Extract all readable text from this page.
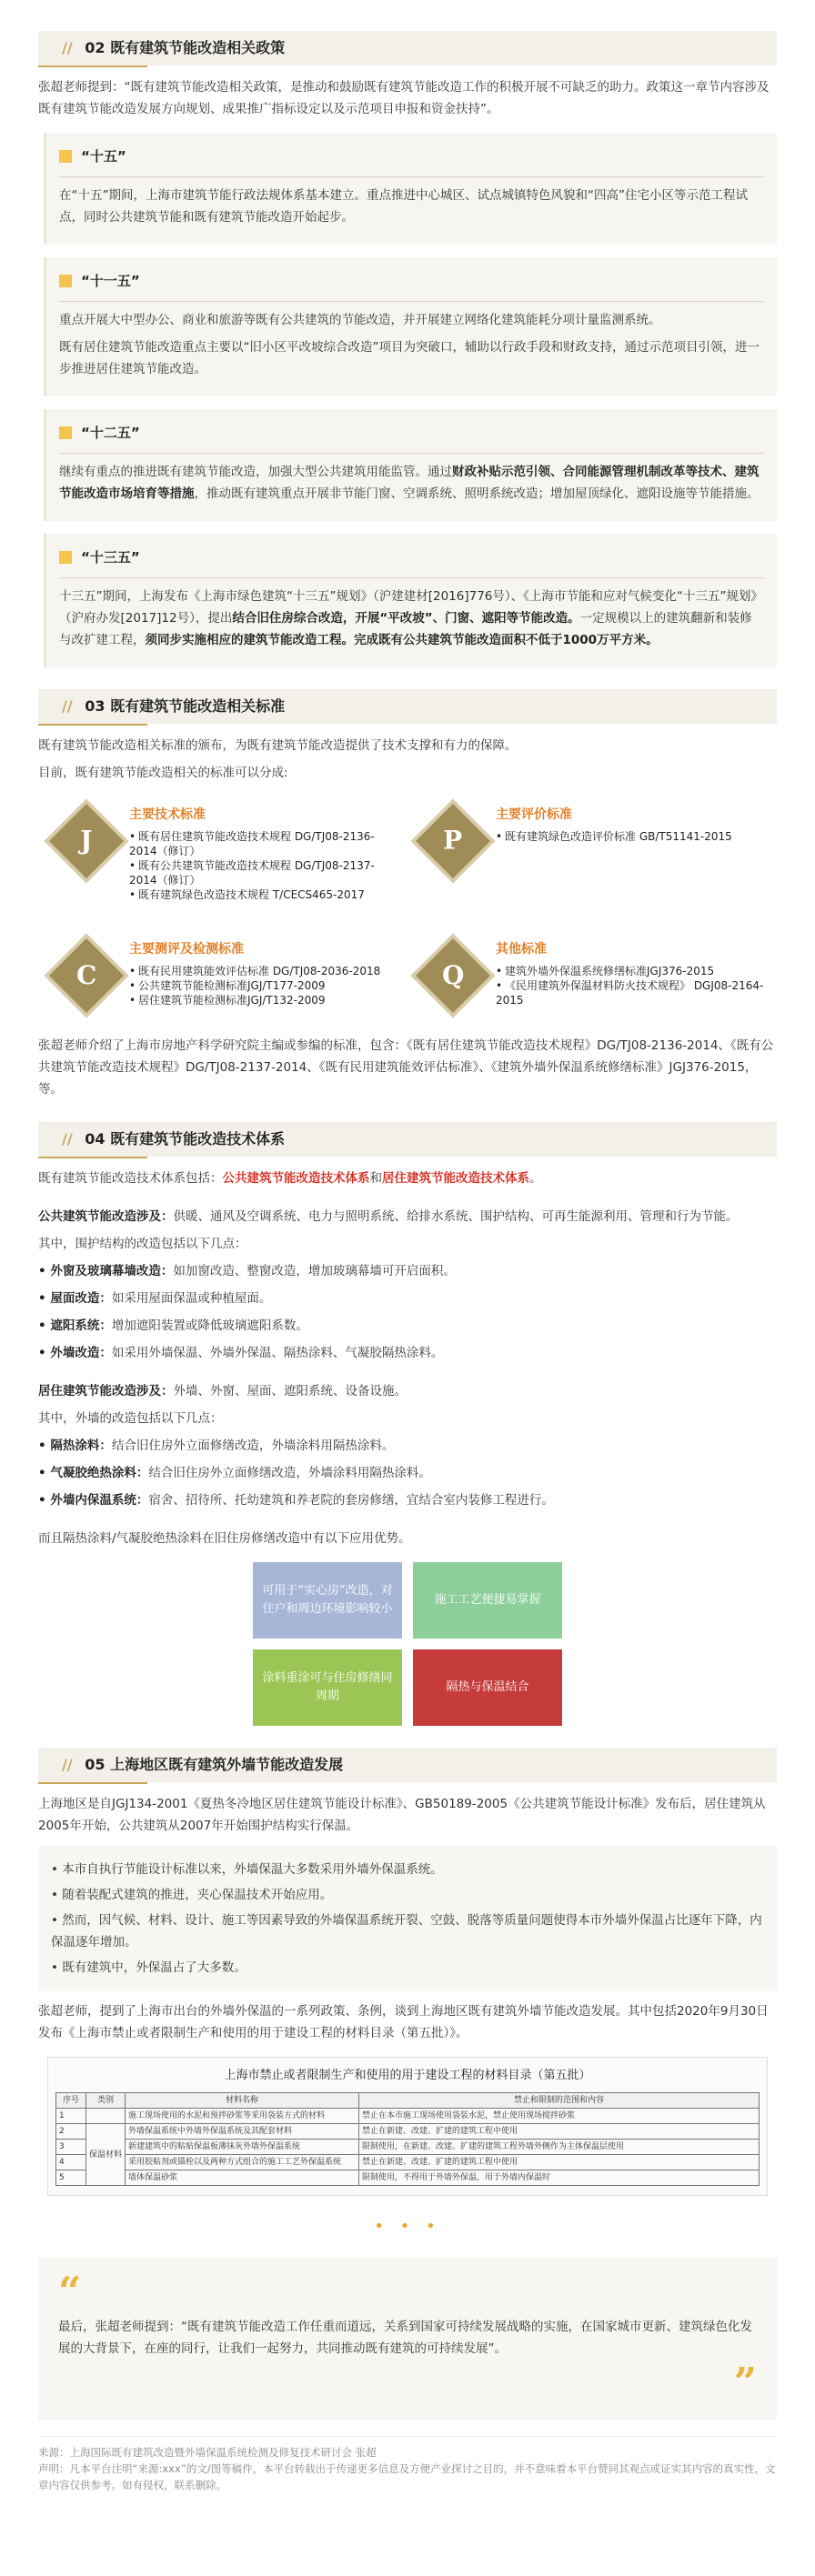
// 02 既有建筑节能改造相关政策

张超老师提到：“既有建筑节能改造相关政策，是推动和鼓励既有建筑节能改造工作的积极开展不可缺乏的助力。政策这一章节内容涉及既有建筑节能改造发展方向规划、成果推广指标设定以及示范项目申报和资金扶持”。

“十五”

在“十五”期间，上海市建筑节能行政法规体系基本建立。重点推进中心城区、试点城镇特色风貌和“四高”住宅小区等示范工程试点，同时公共建筑节能和既有建筑节能改造开始起步。

“十一五”

重点开展大中型办公、商业和旅游等既有公共建筑的节能改造，并开展建立网络化建筑能耗分项计量监测系统。

既有居住建筑节能改造重点主要以“旧小区平改坡综合改造”项目为突破口，辅助以行政手段和财政支持，通过示范项目引领，进一步推进居住建筑节能改造。

“十二五”

继续有重点的推进既有建筑节能改造，加强大型公共建筑用能监管。通过财政补贴示范引领、合同能源管理机制改革等技术、建筑节能改造市场培育等措施，推动既有建筑重点开展非节能门窗、空调系统、照明系统改造；增加屋顶绿化、遮阳设施等节能措施。

“十三五”

十三五”期间，上海发布《上海市绿色建筑“十三五”规划》（沪建建材[2016]776号）、《上海市节能和应对气候变化“十三五”规划》（沪府办发[2017]12号），提出结合旧住房综合改造，开展“平改坡”、门窗、遮阳等节能改造。一定规模以上的建筑翻新和装修与改扩建工程，须同步实施相应的建筑节能改造工程。完成既有公共建筑节能改造面积不低于1000万平方米。

// 03 既有建筑节能改造相关标准

既有建筑节能改造相关标准的颁布，为既有建筑节能改造提供了技术支撑和有力的保障。

目前，既有建筑节能改造相关的标准可以分成:

J
主要技术标准
• 既有居住建筑节能改造技术规程 DG/TJ08-2136-2014（修订）
• 既有公共建筑节能改造技术规程 DG/TJ08-2137-2014（修订）
• 既有建筑绿色改造技术规程 T/CECS465-2017
P
主要评价标准
• 既有建筑绿色改造评价标准 GB/T51141-2015
C
主要测评及检测标准
• 既有民用建筑能效评估标准 DG/TJ08-2036-2018
• 公共建筑节能检测标准JGJ/T177-2009
• 居住建筑节能检测标准JGJ/T132-2009
Q
其他标准
• 建筑外墙外保温系统修缮标准JGJ376-2015
• 《民用建筑外保温材料防火技术规程》 DGJ08-2164-2015

张超老师介绍了上海市房地产科学研究院主编或参编的标准，包含：《既有居住建筑节能改造技术规程》DG/TJ08-2136-2014、《既有公共建筑节能改造技术规程》DG/TJ08-2137-2014、《既有民用建筑能效评估标准》、《建筑外墙外保温系统修缮标准》JGJ376-2015，等。

// 04 既有建筑节能改造技术体系

既有建筑节能改造技术体系包括：公共建筑节能改造技术体系和居住建筑节能改造技术体系。

公共建筑节能改造涉及：供暖、通风及空调系统、电力与照明系统、给排水系统、围护结构、可再生能源利用、管理和行为节能。

其中，围护结构的改造包括以下几点：

• 外窗及玻璃幕墙改造：如加窗改造、整窗改造，增加玻璃幕墙可开启面积。

• 屋面改造：如采用屋面保温或种植屋面。

• 遮阳系统：增加遮阳装置或降低玻璃遮阳系数。

• 外墙改造：如采用外墙保温、外墙外保温、隔热涂料、气凝胶隔热涂料。

居住建筑节能改造涉及：外墙、外窗、屋面、遮阳系统、设备设施。

其中，外墙的改造包括以下几点：

• 隔热涂料：结合旧住房外立面修缮改造，外墙涂料用隔热涂料。

• 气凝胶绝热涂料：结合旧住房外立面修缮改造，外墙涂料用隔热涂料。

• 外墙内保温系统：宿舍、招待所、托幼建筑和养老院的套房修缮，宜结合室内装修工程进行。

而且隔热涂料/气凝胶绝热涂料在旧住房修缮改造中有以下应用优势。

可用于“实心房”改造，对住户和周边环境影响较小
施工工艺便捷易掌握
涂料重涂可与住房修缮同周期
隔热与保温结合
// 05 上海地区既有建筑外墙节能改造发展

上海地区是自JGJ134-2001《夏热冬冷地区居住建筑节能设计标准》、GB50189-2005《公共建筑节能设计标准》发布后，居住建筑从2005年开始，公共建筑从2007年开始围护结构实行保温。

• 本市自执行节能设计标准以来，外墙保温大多数采用外墙外保温系统。

• 随着装配式建筑的推进，夹心保温技术开始应用。

• 然而，因气候、材料、设计、施工等因素导致的外墙保温系统开裂、空鼓、脱落等质量问题使得本市外墙外保温占比逐年下降，内保温逐年增加。

• 既有建筑中，外保温占了大多数。

张超老师，提到了上海市出台的外墙外保温的一系列政策、条例，谈到上海地区既有建筑外墙节能改造发展。其中包括2020年9月30日发布《上海市禁止或者限制生产和使用的用于建设工程的材料目录（第五批）》。

上海市禁止或者限制生产和使用的用于建设工程的材料目录（第五批）
序号	类别	材料名称	禁止和限制的范围和内容
1		施工现场使用的水泥和预拌砂浆等采用袋装方式的材料	禁止在本市施工现场使用袋装水泥，禁止使用现场搅拌砂浆
2	保温材料	外墙保温系统中外墙外保温系统及其配套材料	禁止在新建、改建、扩建的建筑工程中使用
3		新建建筑中的粘贴保温板薄抹灰外墙外保温系统	限制使用，在新建、改建、扩建的建筑工程外墙外侧作为主体保温层使用
4		采用胶粘剂或锚栓以及两种方式组合的施工工艺外保温系统	禁止在新建、改建、扩建的建筑工程中使用
5		墙体保温砂浆	限制使用，不得用于外墙外保温，用于外墙内保温时
• • •
“

最后，张超老师提到：“既有建筑节能改造工作任重而道远，关系到国家可持续发展战略的实施，在国家城市更新、建筑绿色化发展的大背景下，在座的同行，让我们一起努力，共同推动既有建筑的可持续发展”。

”
来源：上海国际既有建筑改造暨外墙保温系统检测及修复技术研讨会 张超
声明：凡本平台注明“来源:xxx”的文/图等稿件，本平台转载出于传递更多信息及方便产业探讨之目的，并不意味着本平台赞同其观点或证实其内容的真实性，文章内容仅供参考。如有侵权，联系删除。
